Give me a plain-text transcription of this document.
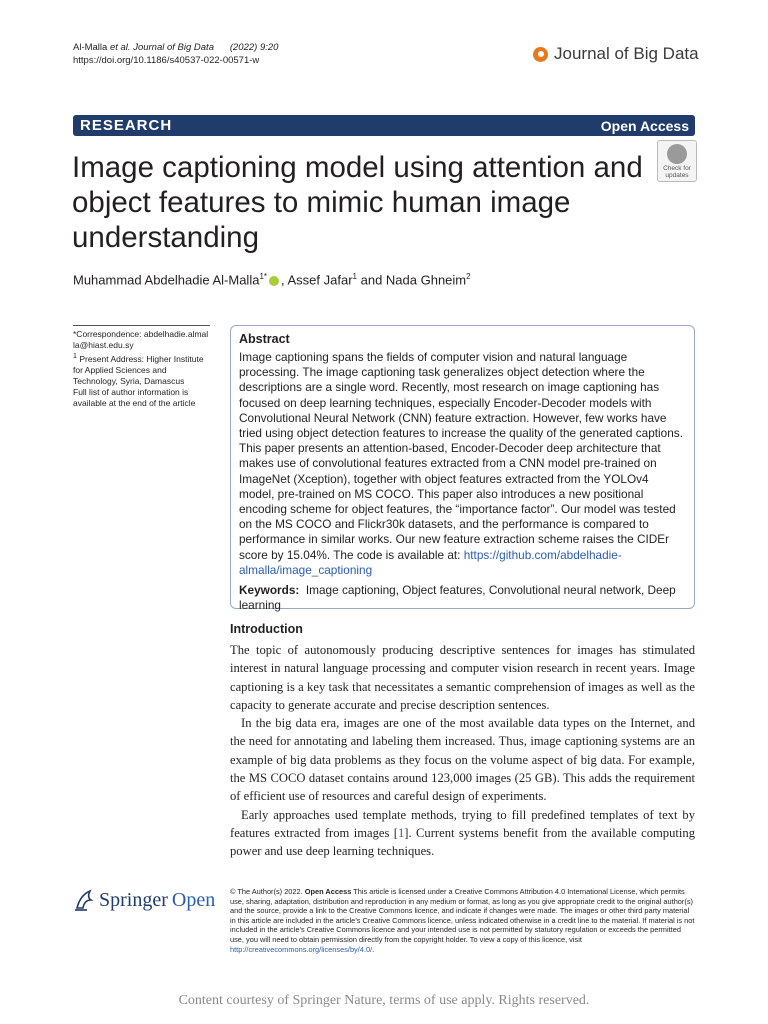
Al-Malla et al. Journal of Big Data (2022) 9:20
https://doi.org/10.1186/s40537-022-00571-w	Journal of Big Data
RESEARCH	Open Access
Image captioning model using attention and object features to mimic human image understanding
Check for updates
Muhammad Abdelhadie Al-Malla$^{1*}$ , Assef Jafar$^1$ and Nada Ghneim$^2$
*Correspondence: abdelhadie.almalla@hiast.edu.sy
$^1$ Present Address: Higher Institute for Applied Sciences and Technology, Syria, Damascus
Full list of author information is available at the end of the article
Abstract

Image captioning spans the fields of computer vision and natural language processing. The image captioning task generalizes object detection where the descriptions are a single word. Recently, most research on image captioning has focused on deep learning techniques, especially Encoder-Decoder models with Convolutional Neural Network (CNN) feature extraction. However, few works have tried using object detection features to increase the quality of the generated captions. This paper presents an attention-based, Encoder-Decoder deep architecture that makes use of convolutional features extracted from a CNN model pre-trained on ImageNet (Xception), together with object features extracted from the YOLOv4 model, pre-trained on MS COCO. This paper also introduces a new positional encoding scheme for object features, the “importance factor”. Our model was tested on the MS COCO and Flickr30k datasets, and the performance is compared to performance in similar works. Our new feature extraction scheme raises the CIDEr score by 15.04%. The code is available at: https://github.com/abdelhadie-almalla/image_captioning

Keywords: Image captioning, Object features, Convolutional neural network, Deep learning
Introduction

The topic of autonomously producing descriptive sentences for images has stimulated interest in natural language processing and computer vision research in recent years. Image captioning is a key task that necessitates a semantic comprehension of images as well as the capacity to generate accurate and precise description sentences.

In the big data era, images are one of the most available data types on the Internet, and the need for annotating and labeling them increased. Thus, image captioning systems are an example of big data problems as they focus on the volume aspect of big data. For example, the MS COCO dataset contains around 123,000 images (25 GB). This adds the requirement of efficient use of resources and careful design of experiments.

Early approaches used template methods, trying to fill predefined templates of text by features extracted from images [1]. Current systems benefit from the available computing power and use deep learning techniques.

Springer Open © The Author(s) 2022. Open Access This article is licensed under a Creative Commons Attribution 4.0 International License, which permits use, sharing, adaptation, distribution and reproduction in any medium or format, as long as you give appropriate credit to the original author(s) and the source, provide a link to the Creative Commons licence, and indicate if changes were made. The images or other third party material in this article are included in the article’s Creative Commons licence, unless indicated otherwise in a credit line to the material. If material is not included in the article’s Creative Commons licence and your intended use is not permitted by statutory regulation or exceeds the permitted use, you will need to obtain permission directly from the copyright holder. To view a copy of this licence, visit http://creativecommons.org/licenses/by/4.0/.
Content courtesy of Springer Nature, terms of use apply. Rights reserved.
